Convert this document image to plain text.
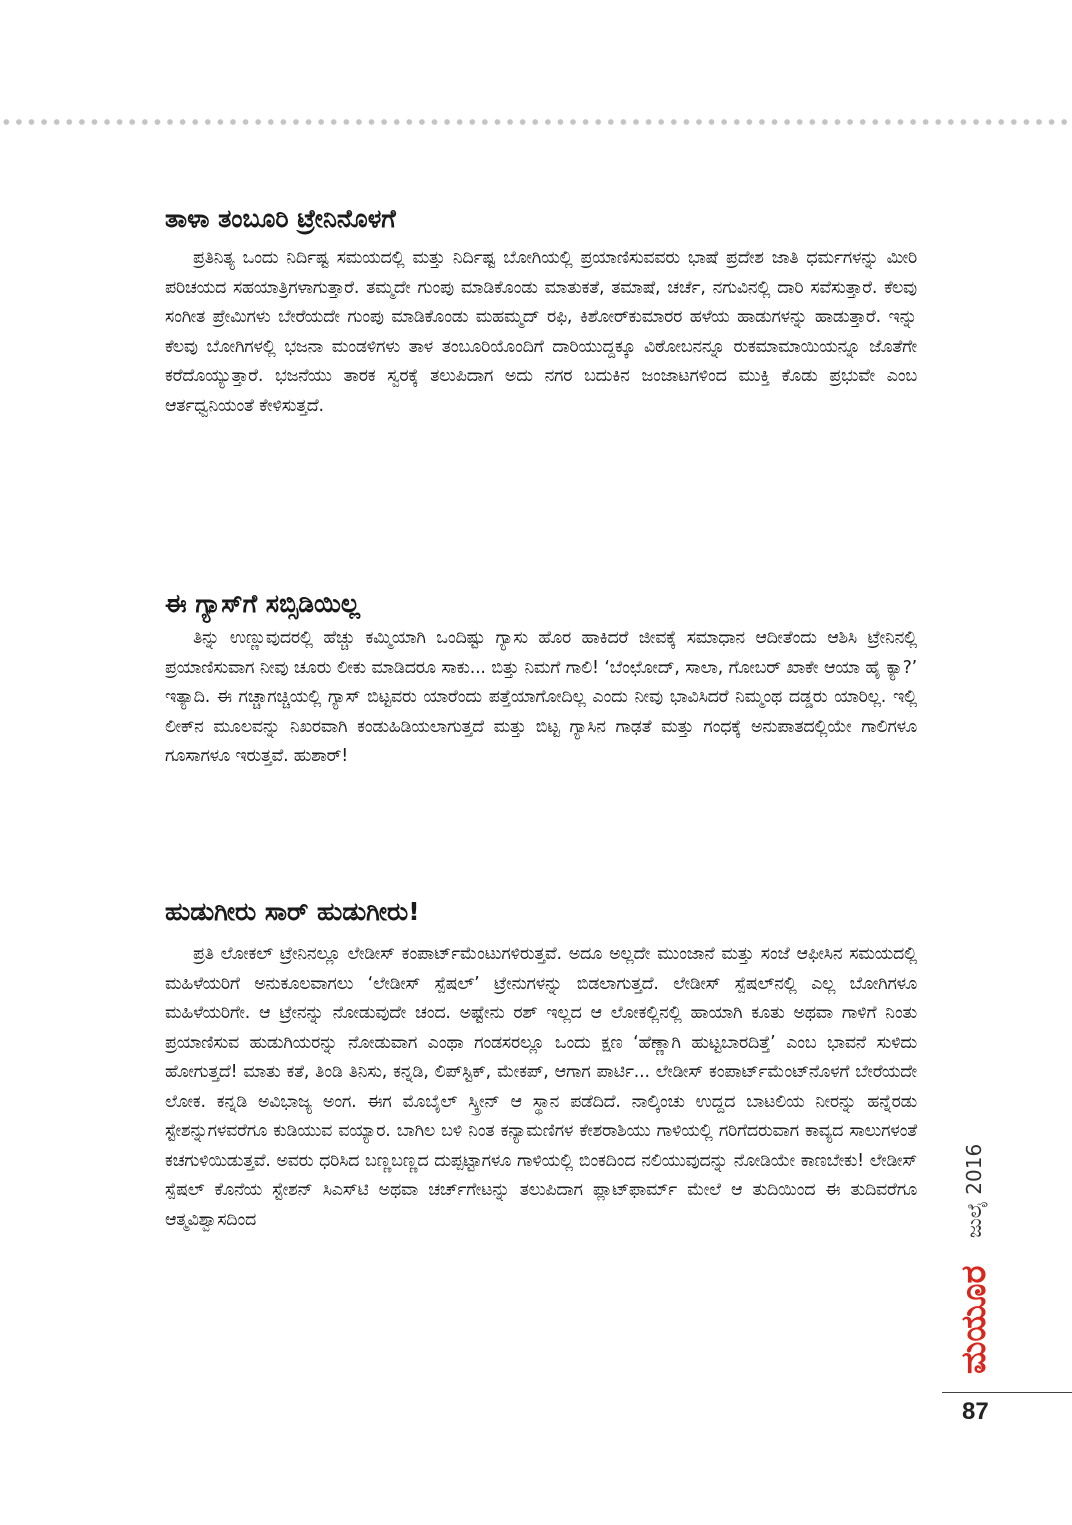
ತಾಳಾ ತಂಬೂರಿ ಟ್ರೇನಿನೊಳಗೆ

ಪ್ರತಿನಿತ್ಯ ಒಂದು ನಿರ್ದಿಷ್ಟ ಸಮಯದಲ್ಲಿ ಮತ್ತು ನಿರ್ದಿಷ್ಟ ಬೋಗಿಯಲ್ಲಿ ಪ್ರಯಾಣಿಸುವವರು ಭಾಷೆ ಪ್ರದೇಶ ಜಾತಿ ಧರ್ಮಗಳನ್ನು ಮೀರಿ ಪರಿಚಯದ ಸಹಯಾತ್ರಿಗಳಾಗುತ್ತಾರೆ. ತಮ್ಮದೇ ಗುಂಪು ಮಾಡಿಕೊಂಡು ಮಾತುಕತೆ, ತಮಾಷೆ, ಚರ್ಚೆ, ನಗುವಿನಲ್ಲಿ ದಾರಿ ಸವೆಸುತ್ತಾರೆ. ಕೆಲವು ಸಂಗೀತ ಪ್ರೇಮಿಗಳು ಬೇರೆಯದೇ ಗುಂಪು ಮಾಡಿಕೊಂಡು ಮಹಮ್ಮದ್ ರಫಿ, ಕಿಶೋರ್‌ಕುಮಾರರ ಹಳೆಯ ಹಾಡುಗಳನ್ನು ಹಾಡುತ್ತಾರೆ. ಇನ್ನು ಕೆಲವು ಬೋಗಿಗಳಲ್ಲಿ ಭಜನಾ ಮಂಡಳಿಗಳು ತಾಳ ತಂಬೂರಿಯೊಂದಿಗೆ ದಾರಿಯುದ್ದಕ್ಕೂ ವಿಠೋಬನನ್ನೂ ರುಕಮಾಮಾಯಿಯನ್ನೂ ಜೊತೆಗೇ ಕರೆದೊಯ್ಯುತ್ತಾರೆ. ಭಜನೆಯು ತಾರಕ ಸ್ವರಕ್ಕೆ ತಲುಪಿದಾಗ ಅದು ನಗರ ಬದುಕಿನ ಜಂಜಾಟಗಳಿಂದ ಮುಕ್ತಿ ಕೊಡು ಪ್ರಭುವೇ ಎಂಬ ಆರ್ತಧ್ವನಿಯಂತೆ ಕೇಳಿಸುತ್ತದೆ.

ಈ ಗ್ಯಾಸ್‌ಗೆ ಸಬ್ಸಿಡಿಯಿಲ್ಲ

ತಿನ್ನು ಉಣ್ಣುವುದರಲ್ಲಿ ಹೆಚ್ಚು ಕಮ್ಮಿಯಾಗಿ ಒಂದಿಷ್ಟು ಗ್ಯಾಸು ಹೊರ ಹಾಕಿದರೆ ಜೀವಕ್ಕೆ ಸಮಾಧಾನ ಆದೀತೆಂದು ಆಶಿಸಿ ಟ್ರೇನಿನಲ್ಲಿ ಪ್ರಯಾಣಿಸುವಾಗ ನೀವು ಚೂರು ಲೀಕು ಮಾಡಿದರೂ ಸಾಕು... ಬಿತ್ತು ನಿಮಗೆ ಗಾಲಿ! ‘ಬೆಂಛೋದ್, ಸಾಲಾ, ಗೋಬರ್ ಖಾಕೇ ಆಯಾ ಹೈ ಕ್ಯಾ?’ ಇತ್ಯಾದಿ. ಈ ಗಚ್ಚಾಗಚ್ಚಿಯಲ್ಲಿ ಗ್ಯಾಸ್ ಬಿಟ್ಟವರು ಯಾರೆಂದು ಪತ್ತೆಯಾಗೋದಿಲ್ಲ ಎಂದು ನೀವು ಭಾವಿಸಿದರೆ ನಿಮ್ಮಂಥ ದಡ್ಡರು ಯಾರಿಲ್ಲ. ಇಲ್ಲಿ ಲೀಕ್‌ನ ಮೂಲವನ್ನು ನಿಖರವಾಗಿ ಕಂಡುಹಿಡಿಯಲಾಗುತ್ತದೆ ಮತ್ತು ಬಿಟ್ಟ ಗ್ಯಾಸಿನ ಗಾಢತೆ ಮತ್ತು ಗಂಧಕ್ಕೆ ಅನುಪಾತದಲ್ಲಿಯೇ ಗಾಲಿಗಳೂ ಗೂಸಾಗಳೂ ಇರುತ್ತವೆ. ಹುಶಾರ್!

ಹುಡುಗೀರು ಸಾರ್ ಹುಡುಗೀರು!

ಪ್ರತಿ ಲೋಕಲ್ ಟ್ರೇನಿನಲ್ಲೂ ಲೇಡೀಸ್ ಕಂಪಾರ್ಟ್‌ಮೆಂಟುಗಳಿರುತ್ತವೆ. ಅದೂ ಅಲ್ಲದೇ ಮುಂಜಾನೆ ಮತ್ತು ಸಂಜೆ ಆಫೀಸಿನ ಸಮಯದಲ್ಲಿ ಮಹಿಳೆಯರಿಗೆ ಅನುಕೂಲವಾಗಲು ‘ಲೇಡೀಸ್ ಸ್ಪೆಷಲ್’ ಟ್ರೇನುಗಳನ್ನು ಬಿಡಲಾಗುತ್ತದೆ. ಲೇಡೀಸ್ ಸ್ಪೆಷಲ್‌ನಲ್ಲಿ ಎಲ್ಲ ಬೋಗಿಗಳೂ ಮಹಿಳೆಯರಿಗೇ. ಆ ಟ್ರೇನನ್ನು ನೋಡುವುದೇ ಚಂದ. ಅಷ್ಟೇನು ರಶ್ ಇಲ್ಲದ ಆ ಲೋಕಲ್ಲಿನಲ್ಲಿ ಹಾಯಾಗಿ ಕೂತು ಅಥವಾ ಗಾಳಿಗೆ ನಿಂತು ಪ್ರಯಾಣಿಸುವ ಹುಡುಗಿಯರನ್ನು ನೋಡುವಾಗ ಎಂಥಾ ಗಂಡಸರಲ್ಲೂ ಒಂದು ಕ್ಷಣ ‘ಹೆಣ್ಣಾಗಿ ಹುಟ್ಟಬಾರದಿತ್ತೆ’ ಎಂಬ ಭಾವನೆ ಸುಳಿದು ಹೋಗುತ್ತದೆ! ಮಾತು ಕತೆ, ತಿಂಡಿ ತಿನಿಸು, ಕನ್ನಡಿ, ಲಿಪ್‌ಸ್ಟಿಕ್, ಮೇಕಪ್, ಆಗಾಗ ಪಾರ್ಟಿ... ಲೇಡೀಸ್ ಕಂಪಾರ್ಟ್‌ಮೆಂಟ್‌ನೊಳಗೆ ಬೇರೆಯದೇ ಲೋಕ. ಕನ್ನಡಿ ಅವಿಭಾಜ್ಯ ಅಂಗ. ಈಗ ಮೊಬೈಲ್ ಸ್ಕ್ರೀನ್ ಆ ಸ್ಥಾನ ಪಡೆದಿದೆ. ನಾಲ್ಕಿಂಚು ಉದ್ದದ ಬಾಟಲಿಯ ನೀರನ್ನು ಹನ್ನೆರಡು ಸ್ಟೇಶನ್ನುಗಳವರೆಗೂ ಕುಡಿಯುವ ವಯ್ಯಾರ. ಬಾಗಿಲ ಬಳಿ ನಿಂತ ಕನ್ಯಾಮಣಿಗಳ ಕೇಶರಾಶಿಯು ಗಾಳಿಯಲ್ಲಿ ಗರಿಗೆದರುವಾಗ ಕಾವ್ಯದ ಸಾಲುಗಳಂತೆ ಕಚಗುಳಿಯಿಡುತ್ತವೆ. ಅವರು ಧರಿಸಿದ ಬಣ್ಣಬಣ್ಣದ ದುಪ್ಪಟ್ಟಾಗಳೂ ಗಾಳಿಯಲ್ಲಿ ಬಿಂಕದಿಂದ ನಲಿಯುವುದನ್ನು ನೋಡಿಯೇ ಕಾಣಬೇಕು! ಲೇಡೀಸ್ ಸ್ಪೆಷಲ್ ಕೊನೆಯ ಸ್ಟೇಶನ್ ಸಿಎಸ್‌ಟಿ ಅಥವಾ ಚರ್ಚ್‌ಗೇಟನ್ನು ತಲುಪಿದಾಗ ಪ್ಲಾಟ್‌ಫಾರ್ಮ್ ಮೇಲೆ ಆ ತುದಿಯಿಂದ ಈ ತುದಿವರೆಗೂ ಆತ್ಮವಿಶ್ವಾಸದಿಂದ	ಜುಲೈ 2016
ಮಯೂರ
87
